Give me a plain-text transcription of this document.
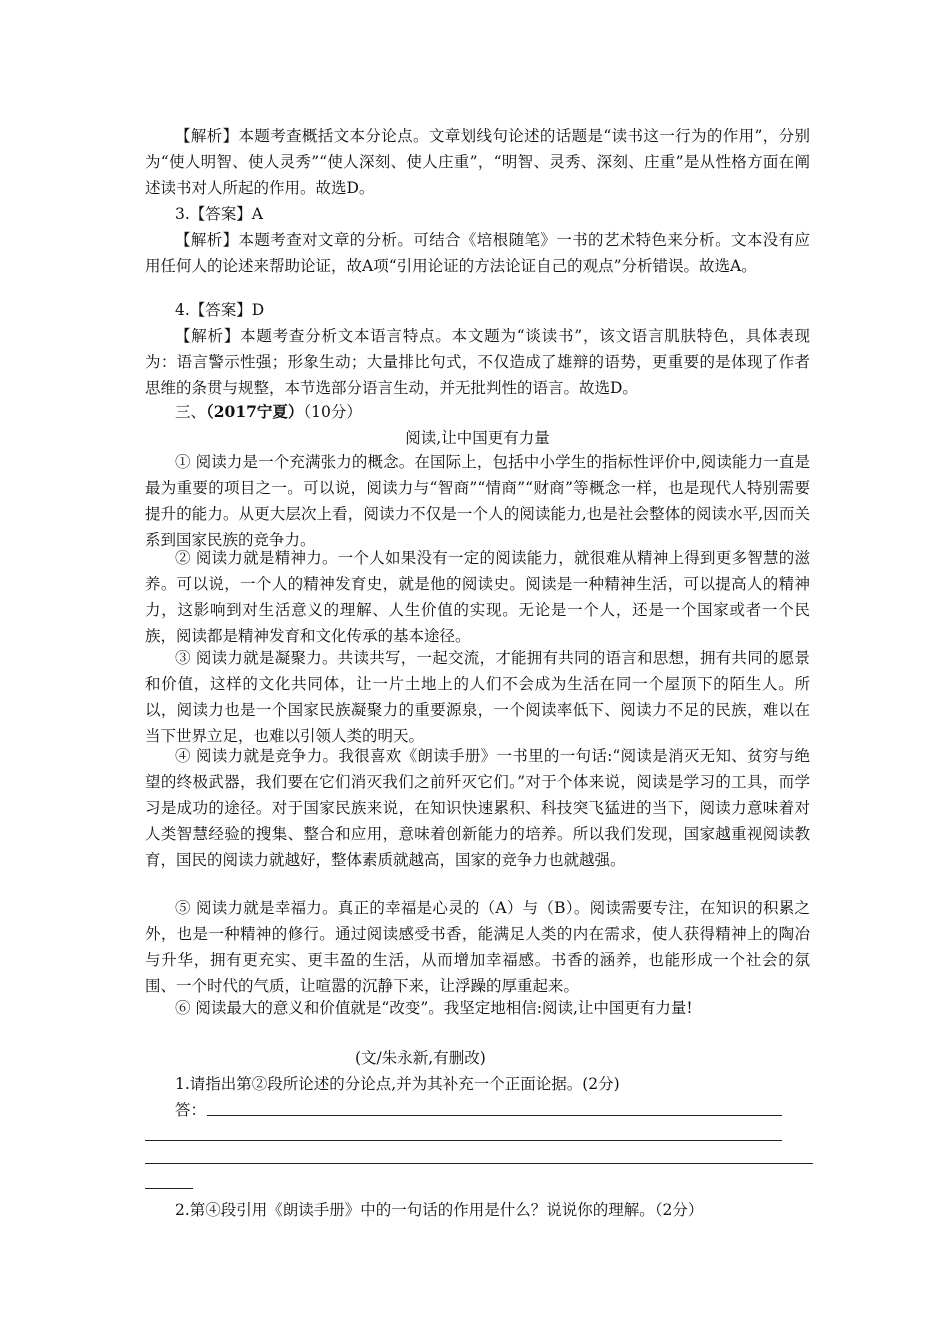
【解析】本题考查概括文本分论点。文章划线句论述的话题是“读书这一行为的作用”，分别为“使人明智、使人灵秀”“使人深刻、使人庄重”，“明智、灵秀、深刻、庄重”是从性格方面在阐述读书对人所起的作用。故选D。

3.【答案】A

【解析】本题考查对文章的分析。可结合《培根随笔》一书的艺术特色来分析。文本没有应用任何人的论述来帮助论证，故A项“引用论证的方法论证自己的观点”分析错误。故选A。

4.【答案】D

【解析】本题考查分析文本语言特点。本文题为“谈读书”，该文语言肌肤特色，具体表现为：语言警示性强；形象生动；大量排比句式，不仅造成了雄辩的语势，更重要的是体现了作者思维的条贯与规整，本节选部分语言生动，并无批判性的语言。故选D。

三、（2017宁夏）（10分）

阅读,让中国更有力量

① 阅读力是一个充满张力的概念。在国际上，包括中小学生的指标性评价中,阅读能力一直是最为重要的项目之一。可以说，阅读力与“智商”“情商”“财商”等概念一样，也是现代人特别需要提升的能力。从更大层次上看，阅读力不仅是一个人的阅读能力,也是社会整体的阅读水平,因而关系到国家民族的竞争力。

② 阅读力就是精神力。一个人如果没有一定的阅读能力，就很难从精神上得到更多智慧的滋养。可以说，一个人的精神发育史，就是他的阅读史。阅读是一种精神生活，可以提高人的精神力，这影响到对生活意义的理解、人生价值的实现。无论是一个人，还是一个国家或者一个民族，阅读都是精神发育和文化传承的基本途径。

③ 阅读力就是凝聚力。共读共写，一起交流，才能拥有共同的语言和思想，拥有共同的愿景和价值，这样的文化共同体，让一片土地上的人们不会成为生活在同一个屋顶下的陌生人。所以，阅读力也是一个国家民族凝聚力的重要源泉，一个阅读率低下、阅读力不足的民族，难以在当下世界立足，也难以引领人类的明天。

④ 阅读力就是竞争力。我很喜欢《朗读手册》一书里的一句话:“阅读是消灭无知、贫穷与绝望的终极武器，我们要在它们消灭我们之前歼灭它们。”对于个体来说，阅读是学习的工具，而学习是成功的途径。对于国家民族来说，在知识快速累积、科技突飞猛进的当下，阅读力意味着对人类智慧经验的搜集、整合和应用，意味着创新能力的培养。所以我们发现，国家越重视阅读教育，国民的阅读力就越好，整体素质就越高，国家的竞争力也就越强。

⑤ 阅读力就是幸福力。真正的幸福是心灵的（A）与（B）。阅读需要专注，在知识的积累之外，也是一种精神的修行。通过阅读感受书香，能满足人类的内在需求，使人获得精神上的陶冶与升华，拥有更充实、更丰盈的生活，从而增加幸福感。书香的涵养，也能形成一个社会的氛围、一个时代的气质，让喧嚣的沉静下来，让浮躁的厚重起来。

⑥ 阅读最大的意义和价值就是“改变”。我坚定地相信:阅读,让中国更有力量!

(文/朱永新,有删改)

1.请指出第②段所论述的分论点,并为其补充一个正面论据。(2分)

答：

2.第④段引用《朗读手册》中的一句话的作用是什么？说说你的理解。（2分）
